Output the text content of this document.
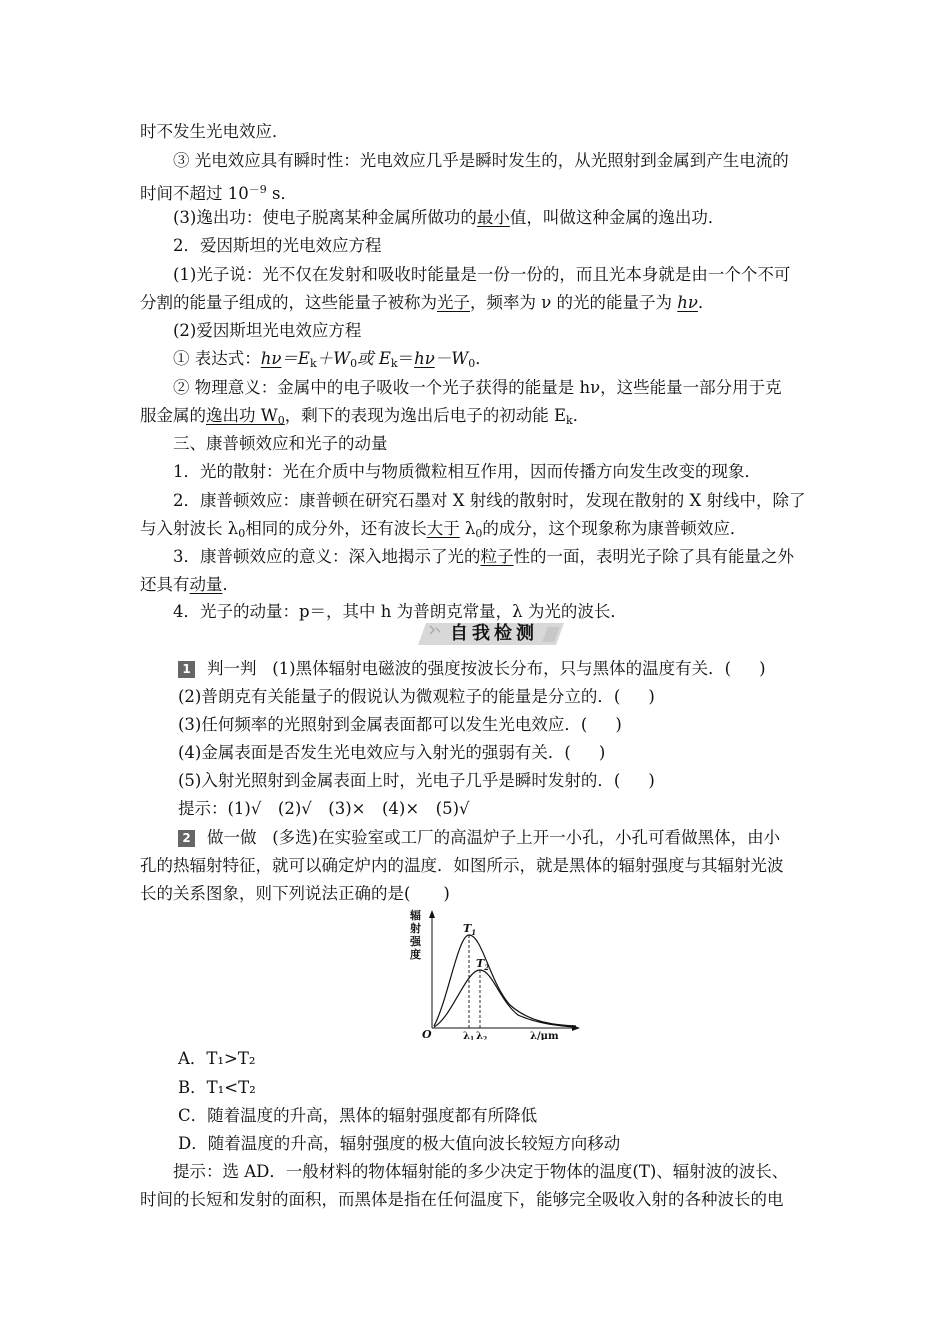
时不发生光电效应．
③ 光电效应具有瞬时性：光电效应几乎是瞬时发生的，从光照射到金属到产生电流的
时间不超过 $10^{-9}$ s．
(3)逸出功：使电子脱离某种金属所做功的最小值，叫做这种金属的逸出功．
2．爱因斯坦的光电效应方程
(1)光子说：光不仅在发射和吸收时能量是一份一份的，而且光本身就是由一个个不可
分割的能量子组成的，这些能量子被称为光子，频率为 ν 的光的能量子为 hν．
(2)爱因斯坦光电效应方程
① 表达式：$h\nu=E_k+W_0$或 $E_k=h\nu-W_0$．
② 物理意义：金属中的电子吸收一个光子获得的能量是 hν，这些能量一部分用于克
服金属的逸出功 $W_0$，剩下的表现为逸出后电子的初动能 $E_k$．
三、康普顿效应和光子的动量
1．光的散射：光在介质中与物质微粒相互作用，因而传播方向发生改变的现象．
2．康普顿效应：康普顿在研究石墨对 X 射线的散射时，发现在散射的 X 射线中，除了
与入射波长 $\lambda_0$相同的成分外，还有波长大于 $\lambda_0$的成分，这个现象称为康普顿效应．
3．康普顿效应的意义：深入地揭示了光的粒子性的一面，表明光子除了具有能量之外
还具有动量．
4．光子的动量：p＝，其中 h 为普朗克常量，λ 为光的波长．
自我检测
1 判一判 (1)黑体辐射电磁波的强度按波长分布，只与黑体的温度有关．( )
(2)普朗克有关能量子的假说认为微观粒子的能量是分立的．( )
(3)任何频率的光照射到金属表面都可以发生光电效应．( )
(4)金属表面是否发生光电效应与入射光的强弱有关．( )
(5)入射光照射到金属表面上时，光电子几乎是瞬时发射的．( )
提示：(1)√　(2)√　(3)×　(4)×　(5)√
2 做一做 (多选)在实验室或工厂的高温炉子上开一小孔，小孔可看做黑体，由小
孔的热辐射特征，就可以确定炉内的温度．如图所示，就是黑体的辐射强度与其辐射光波
长的关系图象，则下列说法正确的是(　　)
辐
射
强
度
$T_1$
$T_2$
O	$\lambda_1$ $\lambda_2$	λ/μm
A．T₁>T₂
B．T₁<T₂
C．随着温度的升高，黑体的辐射强度都有所降低
D．随着温度的升高，辐射强度的极大值向波长较短方向移动
提示：选 AD．一般材料的物体辐射能的多少决定于物体的温度(T)、辐射波的波长、
时间的长短和发射的面积，而黑体是指在任何温度下，能够完全吸收入射的各种波长的电
